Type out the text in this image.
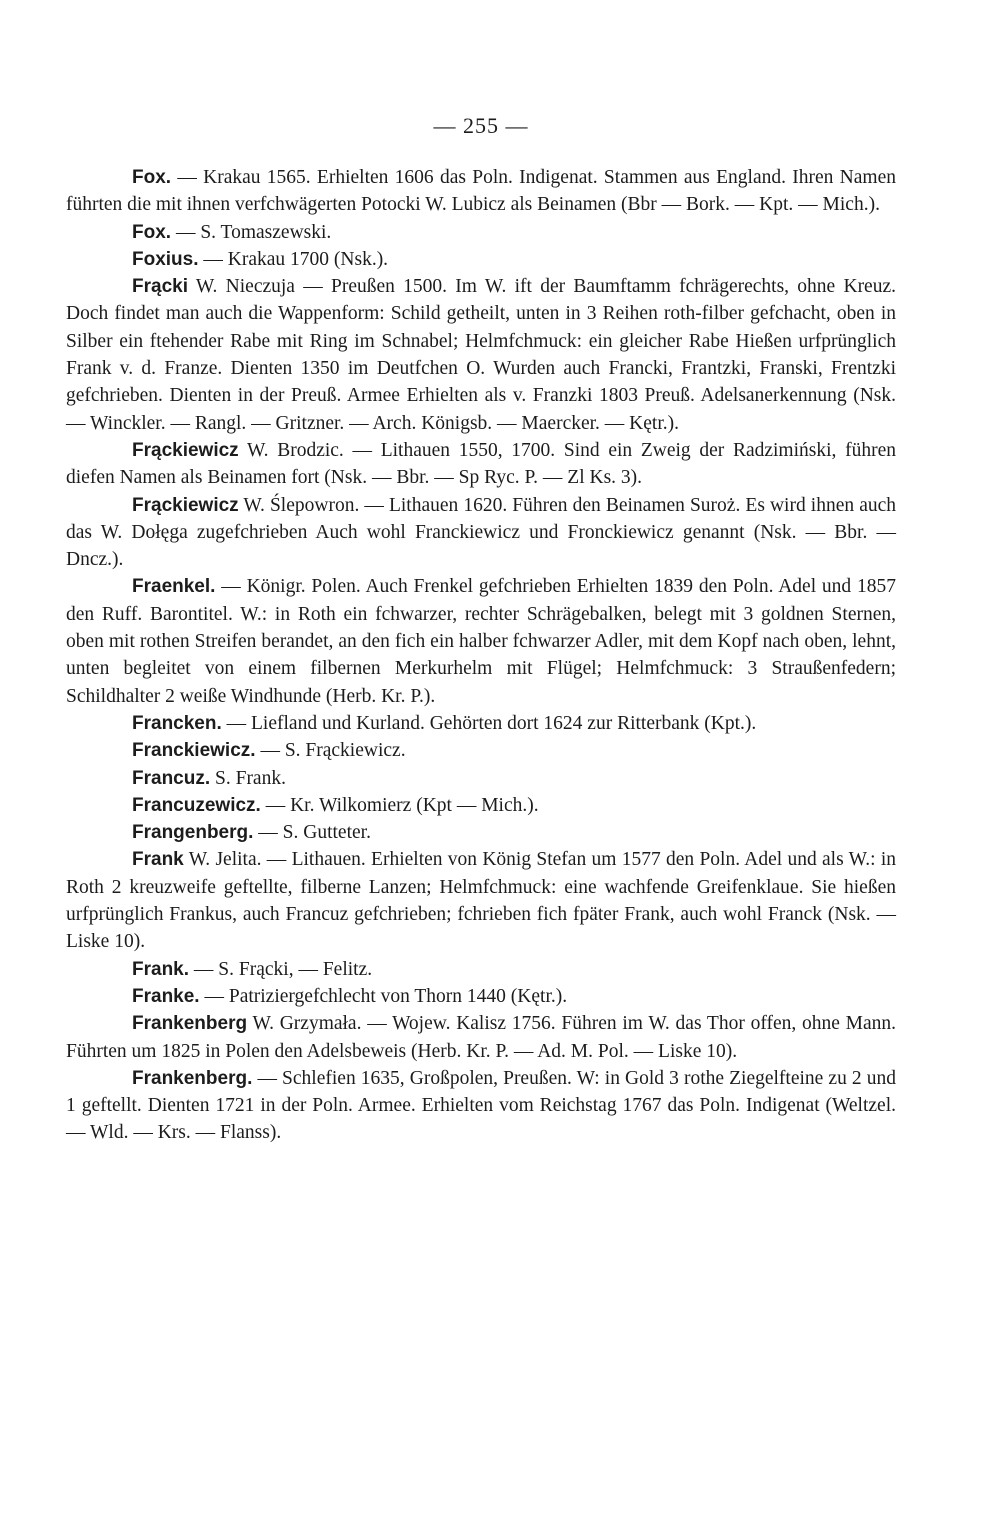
— 255 —

Fox. — Krakau 1565. Erhielten 1606 das Poln. Indigenat. Stammen aus England. Ihren Namen führten die mit ihnen verfchwägerten Potocki W. Lubicz als Beinamen (Bbr — Bork. — Kpt. — Mich.).

Fox. — S. Tomaszewski.

Foxius. — Krakau 1700 (Nsk.).

Frącki W. Nieczuja — Preußen 1500. Im W. ift der Baumftamm fchrägerechts, ohne Kreuz. Doch findet man auch die Wappenform: Schild getheilt, unten in 3 Reihen roth-filber gefchacht, oben in Silber ein ftehender Rabe mit Ring im Schnabel; Helmfchmuck: ein gleicher Rabe Hießen urfprünglich Frank v. d. Franze. Dienten 1350 im Deutfchen O. Wurden auch Francki, Frantzki, Franski, Frentzki gefchrieben. Dienten in der Preuß. Armee Erhielten als v. Franzki 1803 Preuß. Adelsanerkennung (Nsk. — Winckler. — Rangl. — Gritzner. — Arch. Königsb. — Maercker. — Kętr.).

Frąckiewicz W. Brodzic. — Lithauen 1550, 1700. Sind ein Zweig der Radzimiński, führen diefen Namen als Beinamen fort (Nsk. — Bbr. — Sp Ryc. P. — Zl Ks. 3).

Frąckiewicz W. Ślepowron. — Lithauen 1620. Führen den Beinamen Suroż. Es wird ihnen auch das W. Dołęga zugefchrieben Auch wohl Franckiewicz und Fronckiewicz genannt (Nsk. — Bbr. — Dncz.).

Fraenkel. — Königr. Polen. Auch Frenkel gefchrieben Erhielten 1839 den Poln. Adel und 1857 den Ruff. Barontitel. W.: in Roth ein fchwarzer, rechter Schrägebalken, belegt mit 3 goldnen Sternen, oben mit rothen Streifen berandet, an den fich ein halber fchwarzer Adler, mit dem Kopf nach oben, lehnt, unten begleitet von einem filbernen Merkurhelm mit Flügel; Helmfchmuck: 3 Straußenfedern; Schildhalter 2 weiße Windhunde (Herb. Kr. P.).

Francken. — Liefland und Kurland. Gehörten dort 1624 zur Ritterbank (Kpt.).

Franckiewicz. — S. Frąckiewicz.

Francuz. S. Frank.

Francuzewicz. — Kr. Wilkomierz (Kpt — Mich.).

Frangenberg. — S. Gutteter.

Frank W. Jelita. — Lithauen. Erhielten von König Stefan um 1577 den Poln. Adel und als W.: in Roth 2 kreuzweife geftellte, filberne Lanzen; Helmfchmuck: eine wachfende Greifenklaue. Sie hießen urfprünglich Frankus, auch Francuz gefchrieben; fchrieben fich fpäter Frank, auch wohl Franck (Nsk. — Liske 10).

Frank. — S. Frącki, — Felitz.

Franke. — Patriziergefchlecht von Thorn 1440 (Kętr.).

Frankenberg W. Grzymała. — Wojew. Kalisz 1756. Führen im W. das Thor offen, ohne Mann. Führten um 1825 in Polen den Adelsbeweis (Herb. Kr. P. — Ad. M. Pol. — Liske 10).

Frankenberg. — Schlefien 1635, Großpolen, Preußen. W: in Gold 3 rothe Ziegelfteine zu 2 und 1 geftellt. Dienten 1721 in der Poln. Armee. Erhielten vom Reichstag 1767 das Poln. Indigenat (Weltzel. — Wld. — Krs. — Flanss).
